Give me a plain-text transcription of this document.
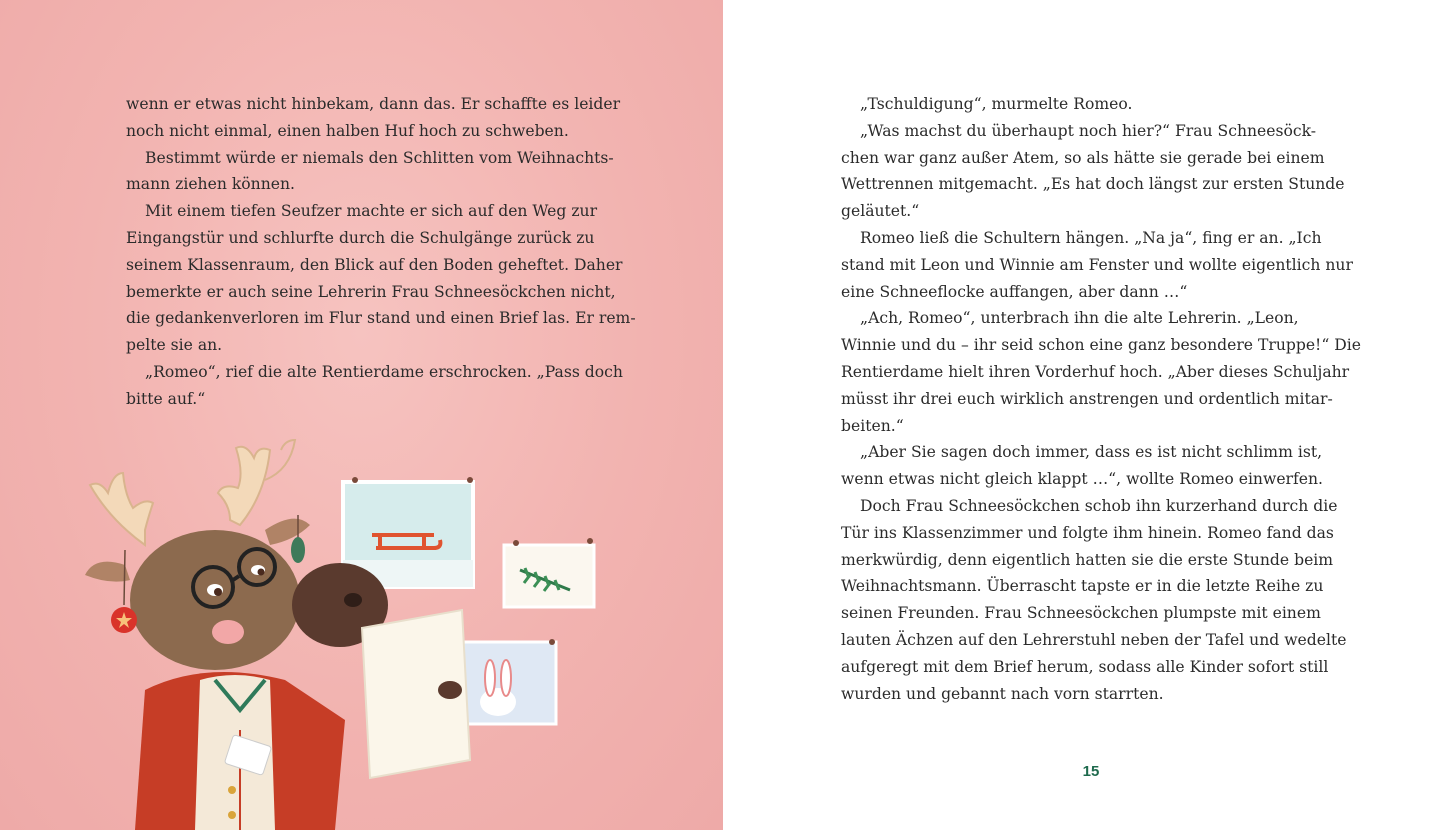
wenn er etwas nicht hinbekam, dann das. Er schaffte es leider
noch nicht einmal, einen halben Huf hoch zu schweben.
Bestimmt würde er niemals den Schlitten vom Weihnachts-
mann ziehen können.
Mit einem tiefen Seufzer machte er sich auf den Weg zur
Eingangstür und schlurfte durch die Schulgänge zurück zu
seinem Klassenraum, den Blick auf den Boden geheftet. Daher
bemerkte er auch seine Lehrerin Frau Schneesöckchen nicht,
die gedankenverloren im Flur stand und einen Brief las. Er rem-
pelte sie an.
„Romeo“, rief die alte Rentierdame erschrocken. „Pass doch
bitte auf.“
„Tschuldigung“, murmelte Romeo.
„Was machst du überhaupt noch hier?“ Frau Schneesöck-
chen war ganz außer Atem, so als hätte sie gerade bei einem
Wettrennen mitgemacht. „Es hat doch längst zur ersten Stunde
geläutet.“
Romeo ließ die Schultern hängen. „Na ja“, fing er an. „Ich
stand mit Leon und Winnie am Fenster und wollte eigentlich nur
eine Schneeflocke auffangen, aber dann …“
„Ach, Romeo“, unterbrach ihn die alte Lehrerin. „Leon,
Winnie und du – ihr seid schon eine ganz besondere Truppe!“ Die
Rentierdame hielt ihren Vorderhuf hoch. „Aber dieses Schuljahr
müsst ihr drei euch wirklich anstrengen und ordentlich mitar-
beiten.“
„Aber Sie sagen doch immer, dass es ist nicht schlimm ist,
wenn etwas nicht gleich klappt …“, wollte Romeo einwerfen.
Doch Frau Schneesöckchen schob ihn kurzerhand durch die
Tür ins Klassenzimmer und folgte ihm hinein. Romeo fand das
merkwürdig, denn eigentlich hatten sie die erste Stunde beim
Weihnachtsmann. Überrascht tapste er in die letzte Reihe zu
seinen Freunden. Frau Schneesöckchen plumpste mit einem
lauten Ächzen auf den Lehrerstuhl neben der Tafel und wedelte
aufgeregt mit dem Brief herum, sodass alle Kinder sofort still
wurden und gebannt nach vorn starrten.
15
